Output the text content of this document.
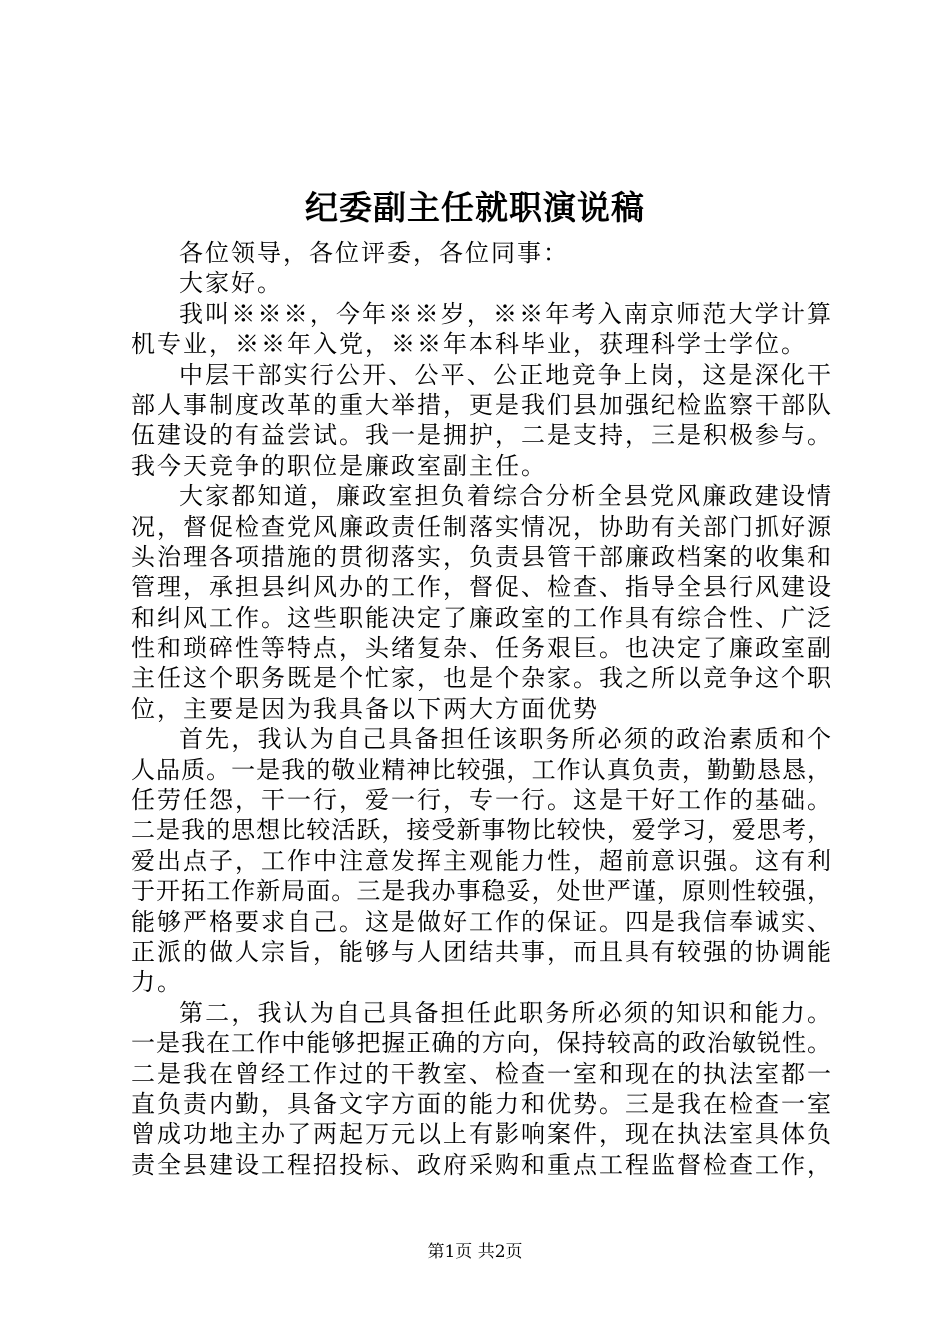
纪委副主任就职演说稿
各位领导，各位评委，各位同事：
大家好。
我叫※※※，今年※※岁，※※年考入南京师范大学计算
机专业，※※年入党，※※年本科毕业，获理科学士学位。
中层干部实行公开、公平、公正地竞争上岗，这是深化干
部人事制度改革的重大举措，更是我们县加强纪检监察干部队
伍建设的有益尝试。我一是拥护，二是支持，三是积极参与。
我今天竞争的职位是廉政室副主任。
大家都知道，廉政室担负着综合分析全县党风廉政建设情
况，督促检查党风廉政责任制落实情况，协助有关部门抓好源
头治理各项措施的贯彻落实，负责县管干部廉政档案的收集和
管理，承担县纠风办的工作，督促、检查、指导全县行风建设
和纠风工作。这些职能决定了廉政室的工作具有综合性、广泛
性和琐碎性等特点，头绪复杂、任务艰巨。也决定了廉政室副
主任这个职务既是个忙家，也是个杂家。我之所以竞争这个职
位，主要是因为我具备以下两大方面优势
首先，我认为自己具备担任该职务所必须的政治素质和个
人品质。一是我的敬业精神比较强，工作认真负责，勤勤恳恳，
任劳任怨，干一行，爱一行，专一行。这是干好工作的基础。
二是我的思想比较活跃，接受新事物比较快，爱学习，爱思考，
爱出点子，工作中注意发挥主观能力性，超前意识强。这有利
于开拓工作新局面。三是我办事稳妥，处世严谨，原则性较强，
能够严格要求自己。这是做好工作的保证。四是我信奉诚实、
正派的做人宗旨，能够与人团结共事，而且具有较强的协调能
力。
第二，我认为自己具备担任此职务所必须的知识和能力。
一是我在工作中能够把握正确的方向，保持较高的政治敏锐性。
二是我在曾经工作过的干教室、检查一室和现在的执法室都一
直负责内勤，具备文字方面的能力和优势。三是我在检查一室
曾成功地主办了两起万元以上有影响案件，现在执法室具体负
责全县建设工程招投标、政府采购和重点工程监督检查工作，
第1页 共2页
